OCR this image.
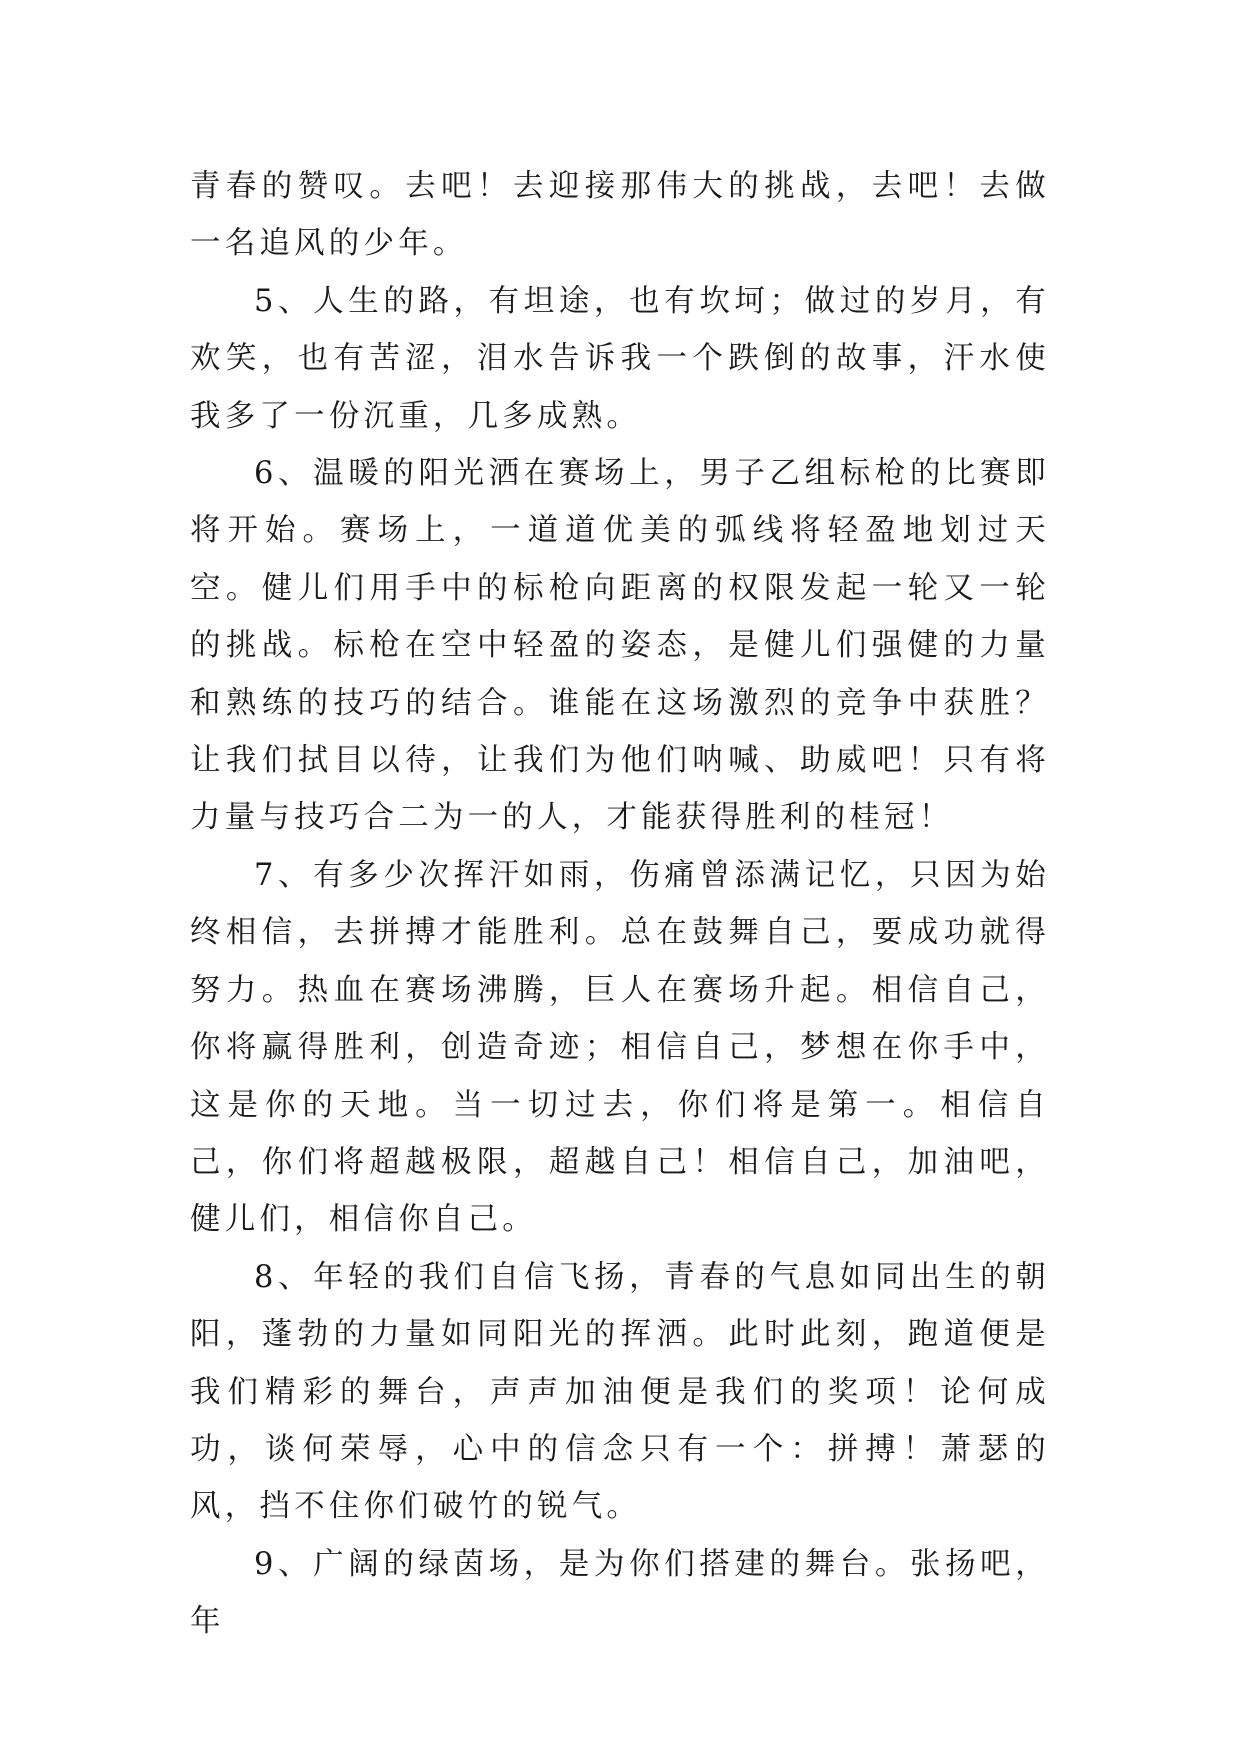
青春的赞叹。去吧！去迎接那伟大的挑战，去吧！去做一名追风的少年。

5、人生的路，有坦途，也有坎坷；做过的岁月，有欢笑，也有苦涩，泪水告诉我一个跌倒的故事，汗水使我多了一份沉重，几多成熟。

6、温暖的阳光洒在赛场上，男子乙组标枪的比赛即将开始。赛场上，一道道优美的弧线将轻盈地划过天空。健儿们用手中的标枪向距离的权限发起一轮又一轮的挑战。标枪在空中轻盈的姿态，是健儿们强健的力量和熟练的技巧的结合。谁能在这场激烈的竞争中获胜？让我们拭目以待，让我们为他们呐喊、助威吧！只有将力量与技巧合二为一的人，才能获得胜利的桂冠！

7、有多少次挥汗如雨，伤痛曾添满记忆，只因为始终相信，去拼搏才能胜利。总在鼓舞自己，要成功就得努力。热血在赛场沸腾，巨人在赛场升起。相信自己，你将赢得胜利，创造奇迹；相信自己，梦想在你手中，这是你的天地。当一切过去，你们将是第一。相信自己，你们将超越极限，超越自己！相信自己，加油吧，健儿们，相信你自己。

8、年轻的我们自信飞扬，青春的气息如同出生的朝阳，蓬勃的力量如同阳光的挥洒。此时此刻，跑道便是我们精彩的舞台，声声加油便是我们的奖项！论何成功，谈何荣辱，心中的信念只有一个：拼搏！萧瑟的风，挡不住你们破竹的锐气。

9、广阔的绿茵场，是为你们搭建的舞台。张扬吧，年
